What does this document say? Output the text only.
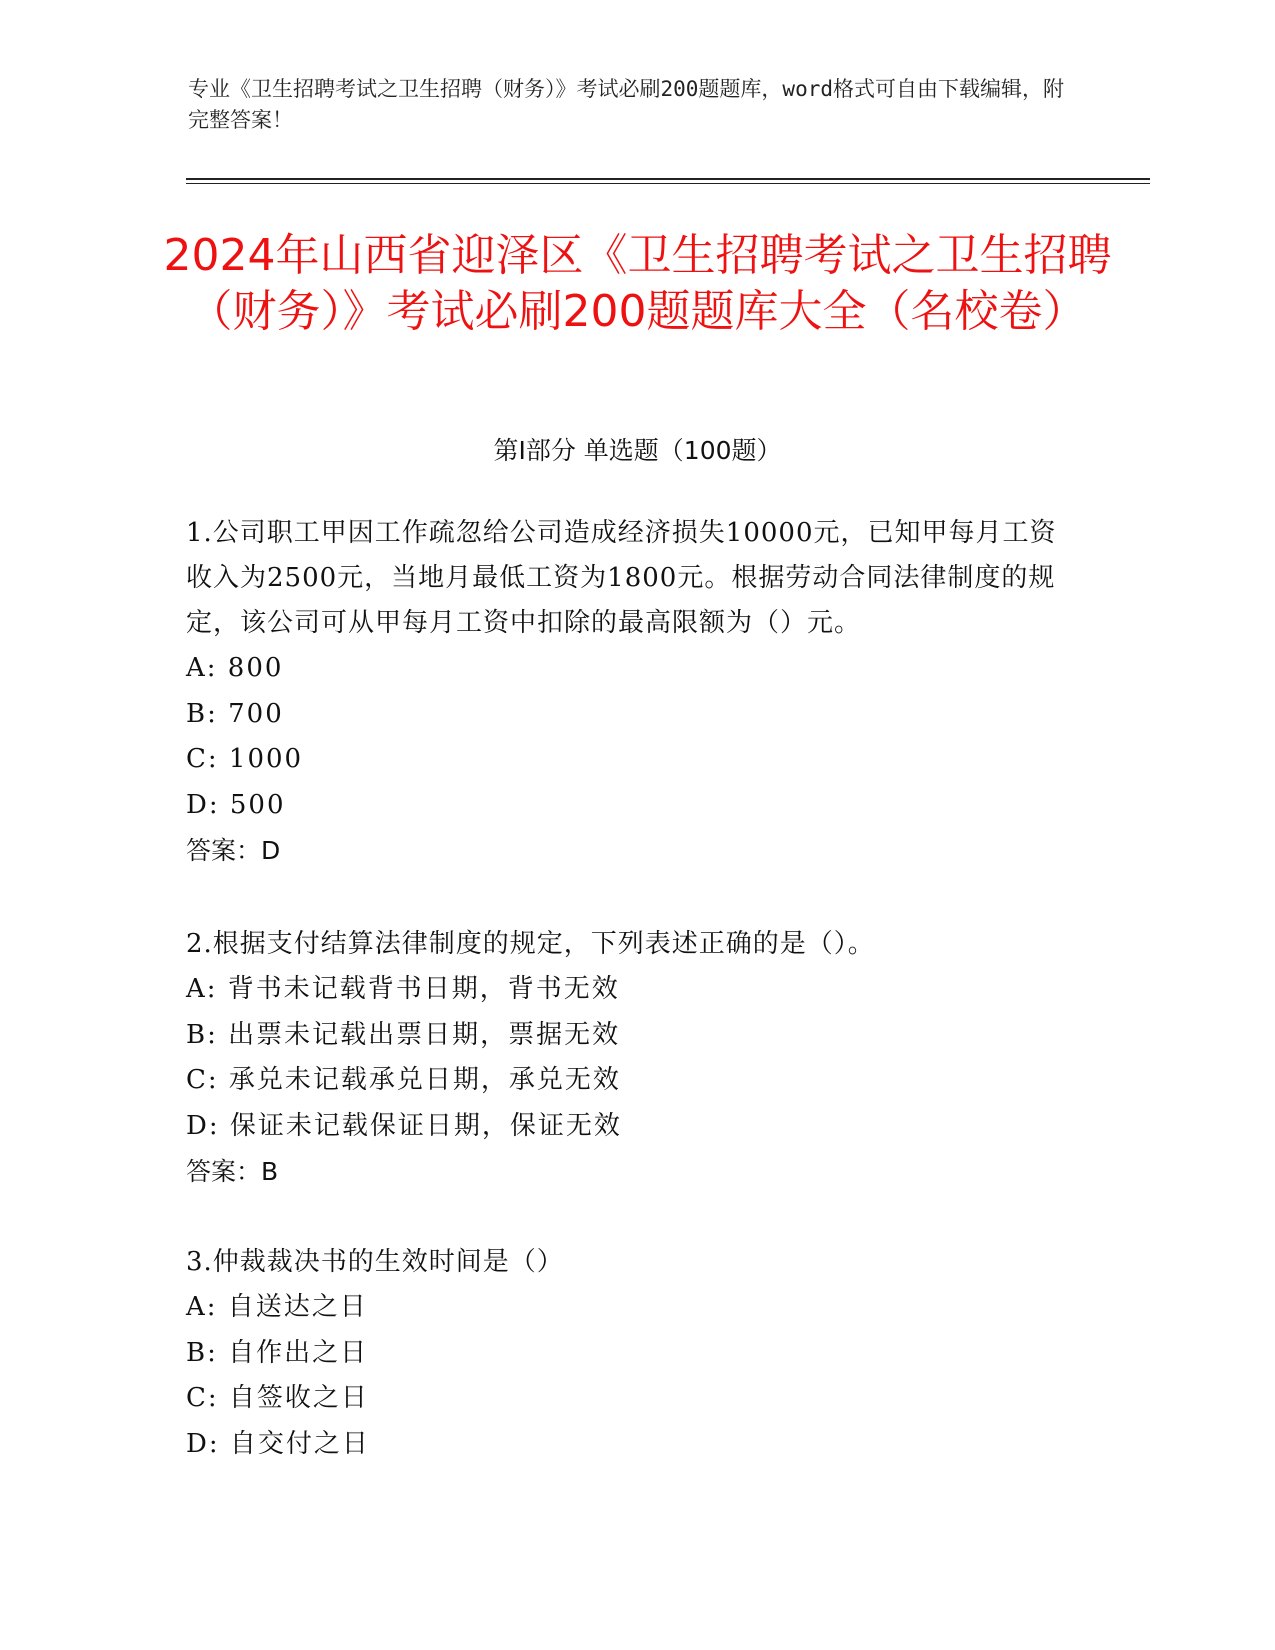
专业《卫生招聘考试之卫生招聘（财务）》考试必刷200题题库，word格式可自由下载编辑，附完整答案！
2024年山西省迎泽区《卫生招聘考试之卫生招聘（财务）》考试必刷200题题库大全（名校卷）
第Ⅰ部分 单选题（100题）

1.公司职工甲因工作疏忽给公司造成经济损失10000元，已知甲每月工资收入为2500元，当地月最低工资为1800元。根据劳动合同法律制度的规定，该公司可从甲每月工资中扣除的最高限额为（）元。

A: 800
B: 700
C: 1000
D: 500
答案：D

2.根据支付结算法律制度的规定，下列表述正确的是（）。

A: 背书未记载背书日期，背书无效
B: 出票未记载出票日期，票据无效
C: 承兑未记载承兑日期，承兑无效
D: 保证未记载保证日期，保证无效
答案：B

3.仲裁裁决书的生效时间是（）

A: 自送达之日
B: 自作出之日
C: 自签收之日
D: 自交付之日
